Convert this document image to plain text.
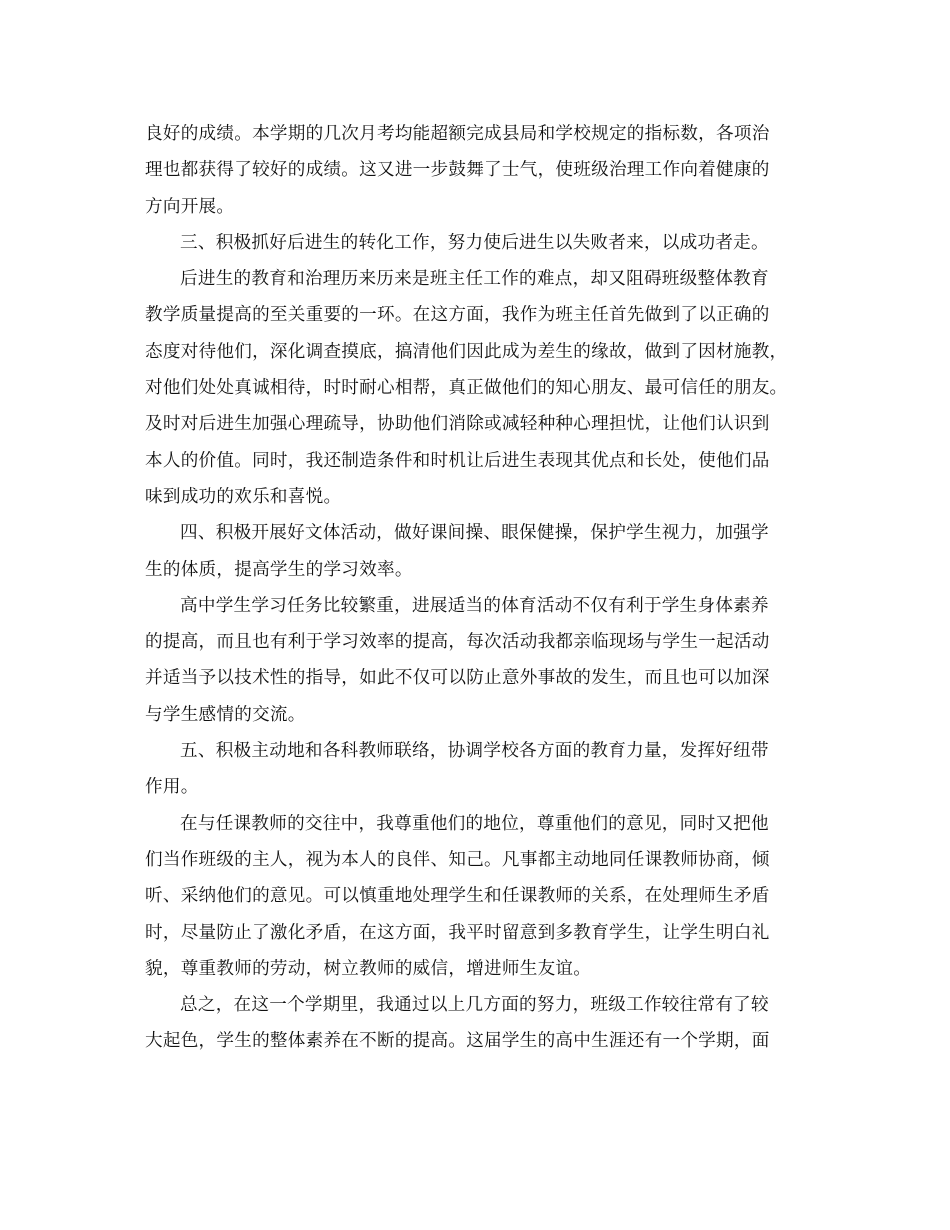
良好的成绩。本学期的几次月考均能超额完成县局和学校规定的指标数，各项治
理也都获得了较好的成绩。这又进一步鼓舞了士气，使班级治理工作向着健康的
方向开展。
三、积极抓好后进生的转化工作，努力使后进生以失败者来，以成功者走。
后进生的教育和治理历来历来是班主任工作的难点，却又阻碍班级整体教育
教学质量提高的至关重要的一环。在这方面，我作为班主任首先做到了以正确的
态度对待他们，深化调查摸底，搞清他们因此成为差生的缘故，做到了因材施教，
对他们处处真诚相待，时时耐心相帮，真正做他们的知心朋友、最可信任的朋友。
及时对后进生加强心理疏导，协助他们消除或减轻种种心理担忧，让他们认识到
本人的价值。同时，我还制造条件和时机让后进生表现其优点和长处，使他们品
味到成功的欢乐和喜悦。
四、积极开展好文体活动，做好课间操、眼保健操，保护学生视力，加强学
生的体质，提高学生的学习效率。
高中学生学习任务比较繁重，进展适当的体育活动不仅有利于学生身体素养
的提高，而且也有利于学习效率的提高，每次活动我都亲临现场与学生一起活动
并适当予以技术性的指导，如此不仅可以防止意外事故的发生，而且也可以加深
与学生感情的交流。
五、积极主动地和各科教师联络，协调学校各方面的教育力量，发挥好纽带
作用。
在与任课教师的交往中，我尊重他们的地位，尊重他们的意见，同时又把他
们当作班级的主人，视为本人的良伴、知己。凡事都主动地同任课教师协商，倾
听、采纳他们的意见。可以慎重地处理学生和任课教师的关系，在处理师生矛盾
时，尽量防止了激化矛盾，在这方面，我平时留意到多教育学生，让学生明白礼
貌，尊重教师的劳动，树立教师的威信，增进师生友谊。
总之，在这一个学期里，我通过以上几方面的努力，班级工作较往常有了较
大起色，学生的整体素养在不断的提高。这届学生的高中生涯还有一个学期，面
